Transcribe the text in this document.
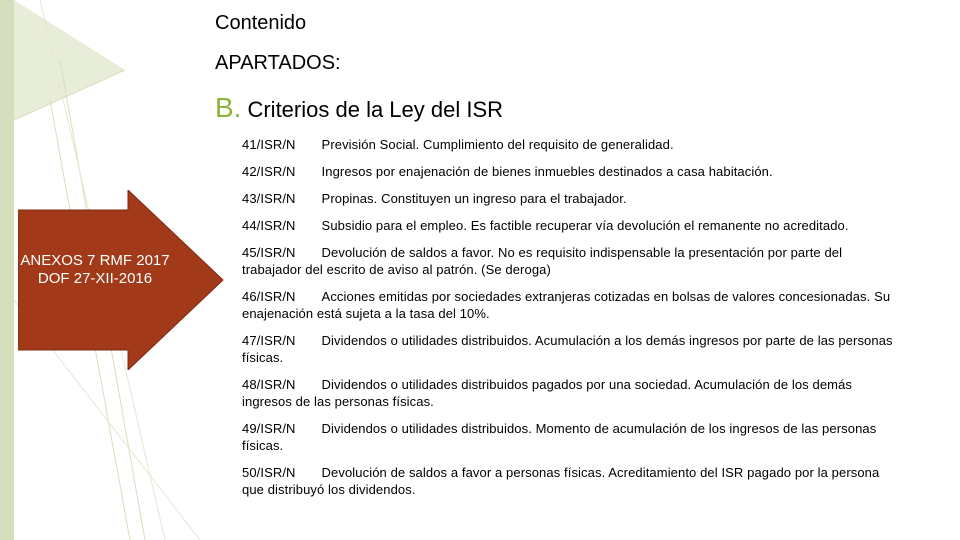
Contenido
APARTADOS:
B. Criterios de la Ley del ISR
ANEXOS 7 RMF 2017 DOF 27-XII-2016
41/ISR/N Previsión Social. Cumplimiento del requisito de generalidad.
42/ISR/N Ingresos por enajenación de bienes inmuebles destinados a casa habitación.
43/ISR/N Propinas. Constituyen un ingreso para el trabajador.
44/ISR/N Subsidio para el empleo. Es factible recuperar vía devolución el remanente no acreditado.
45/ISR/N Devolución de saldos a favor. No es requisito indispensable la presentación por parte del trabajador del escrito de aviso al patrón. (Se deroga)
46/ISR/N Acciones emitidas por sociedades extranjeras cotizadas en bolsas de valores concesionadas. Su enajenación está sujeta a la tasa del 10%.
47/ISR/N Dividendos o utilidades distribuidos. Acumulación a los demás ingresos por parte de las personas físicas.
48/ISR/N Dividendos o utilidades distribuidos pagados por una sociedad. Acumulación de los demás ingresos de las personas físicas.
49/ISR/N Dividendos o utilidades distribuidos. Momento de acumulación de los ingresos de las personas físicas.
50/ISR/N Devolución de saldos a favor a personas físicas. Acreditamiento del ISR pagado por la persona que distribuyó los dividendos.
